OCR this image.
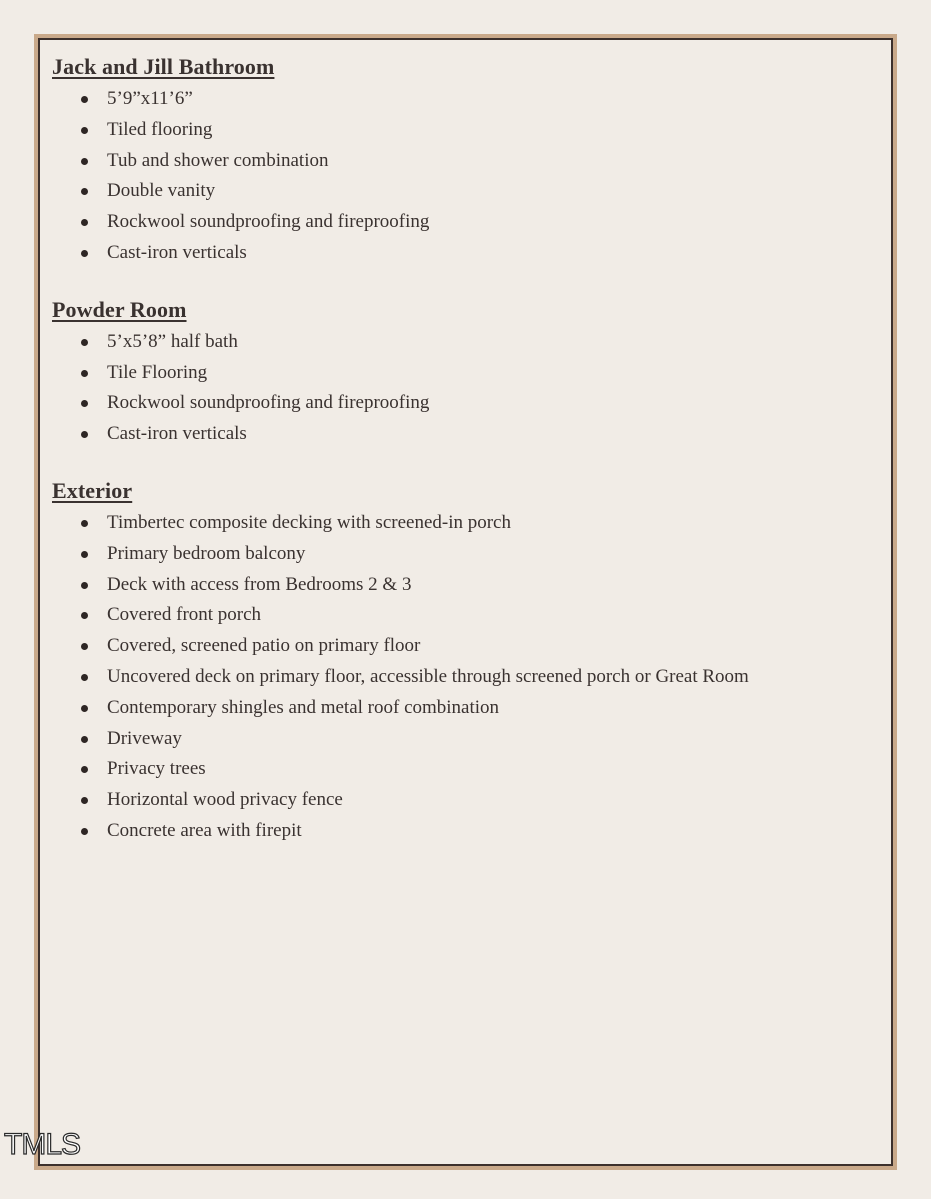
Jack and Jill Bathroom
5’9”x11’6”
Tiled flooring
Tub and shower combination
Double vanity
Rockwool soundproofing and fireproofing
Cast-iron verticals
Powder Room
5’x5’8” half bath
Tile Flooring
Rockwool soundproofing and fireproofing
Cast-iron verticals
Exterior
Timbertec composite decking with screened-in porch
Primary bedroom balcony
Deck with access from Bedrooms 2 & 3
Covered front porch
Covered, screened patio on primary floor
Uncovered deck on primary floor, accessible through screened porch or Great Room
Contemporary shingles and metal roof combination
Driveway
Privacy trees
Horizontal wood privacy fence
Concrete area with firepit
TMLS
